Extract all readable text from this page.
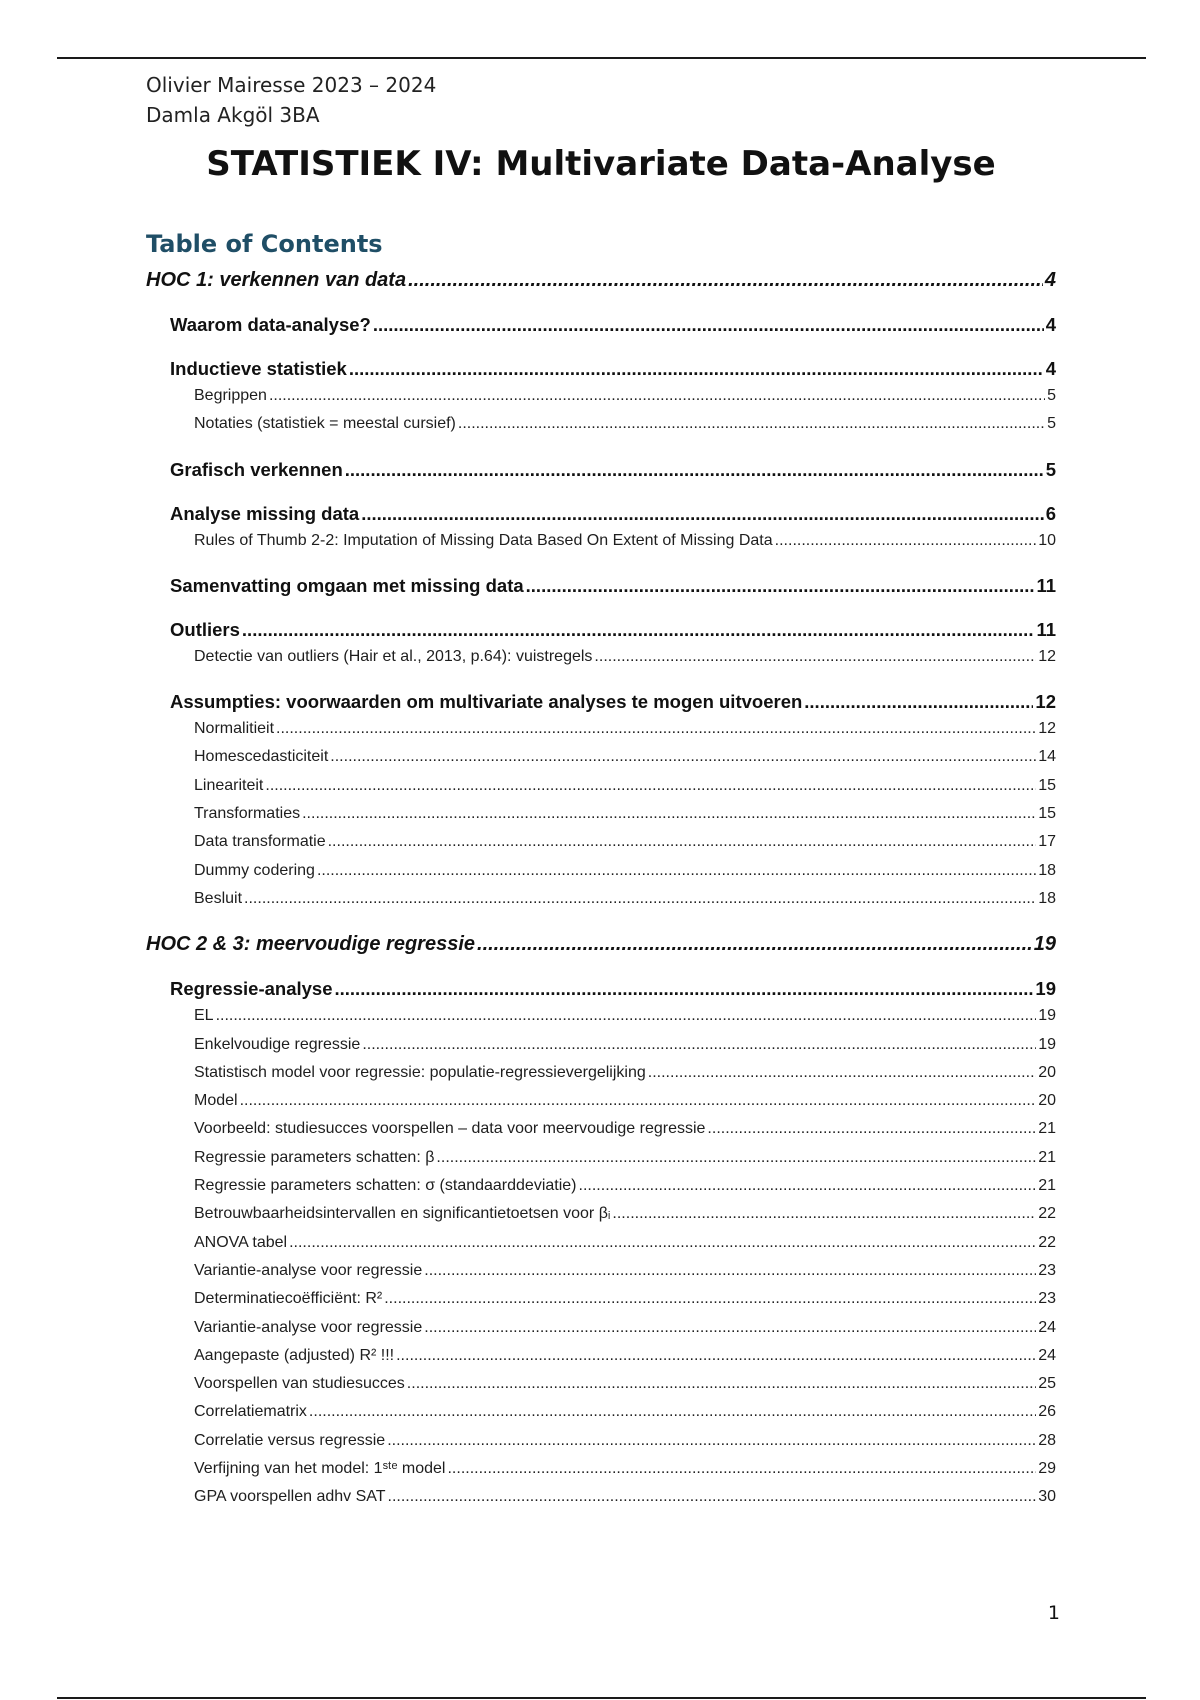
Olivier Mairesse 2023 – 2024
Damla Akgöl 3BA
STATISTIEK IV: Multivariate Data-Analyse
Table of Contents
HOC 1: verkennen van data .....	4
Waarom data-analyse? .....	4
Inductieve statistiek .....	4
Begrippen .....	5
Notaties (statistiek = meestal cursief) .....	5
Grafisch verkennen .....	5
Analyse missing data .....	6
Rules of Thumb 2-2: Imputation of Missing Data Based On Extent of Missing Data .....	10
Samenvatting omgaan met missing data .....	11
Outliers .....	11
Detectie van outliers (Hair et al., 2013, p.64): vuistregels .....	12
Assumpties: voorwaarden om multivariate analyses te mogen uitvoeren .....	12
Normalitieit .....	12
Homescedasticiteit .....	14
Lineariteit .....	15
Transformaties .....	15
Data transformatie .....	17
Dummy codering .....	18
Besluit .....	18
HOC 2 & 3: meervoudige regressie .....	19
Regressie-analyse .....	19
EL .....	19
Enkelvoudige regressie .....	19
Statistisch model voor regressie: populatie-regressievergelijking .....	20
Model .....	20
Voorbeeld: studiesucces voorspellen – data voor meervoudige regressie .....	21
Regressie parameters schatten: β .....	21
Regressie parameters schatten: σ (standaarddeviatie) .....	21
Betrouwbaarheidsintervallen en significantietoetsen voor βᵢ .....	22
ANOVA tabel .....	22
Variantie-analyse voor regressie .....	23
Determinatiecoëfficiënt: R² .....	23
Variantie-analyse voor regressie .....	24
Aangepaste (adjusted) R² !!! .....	24
Voorspellen van studiesucces .....	25
Correlatiematrix .....	26
Correlatie versus regressie .....	28
Verfijning van het model: 1ˢᵗᵉ model .....	29
GPA voorspellen adhv SAT .....	30
1
